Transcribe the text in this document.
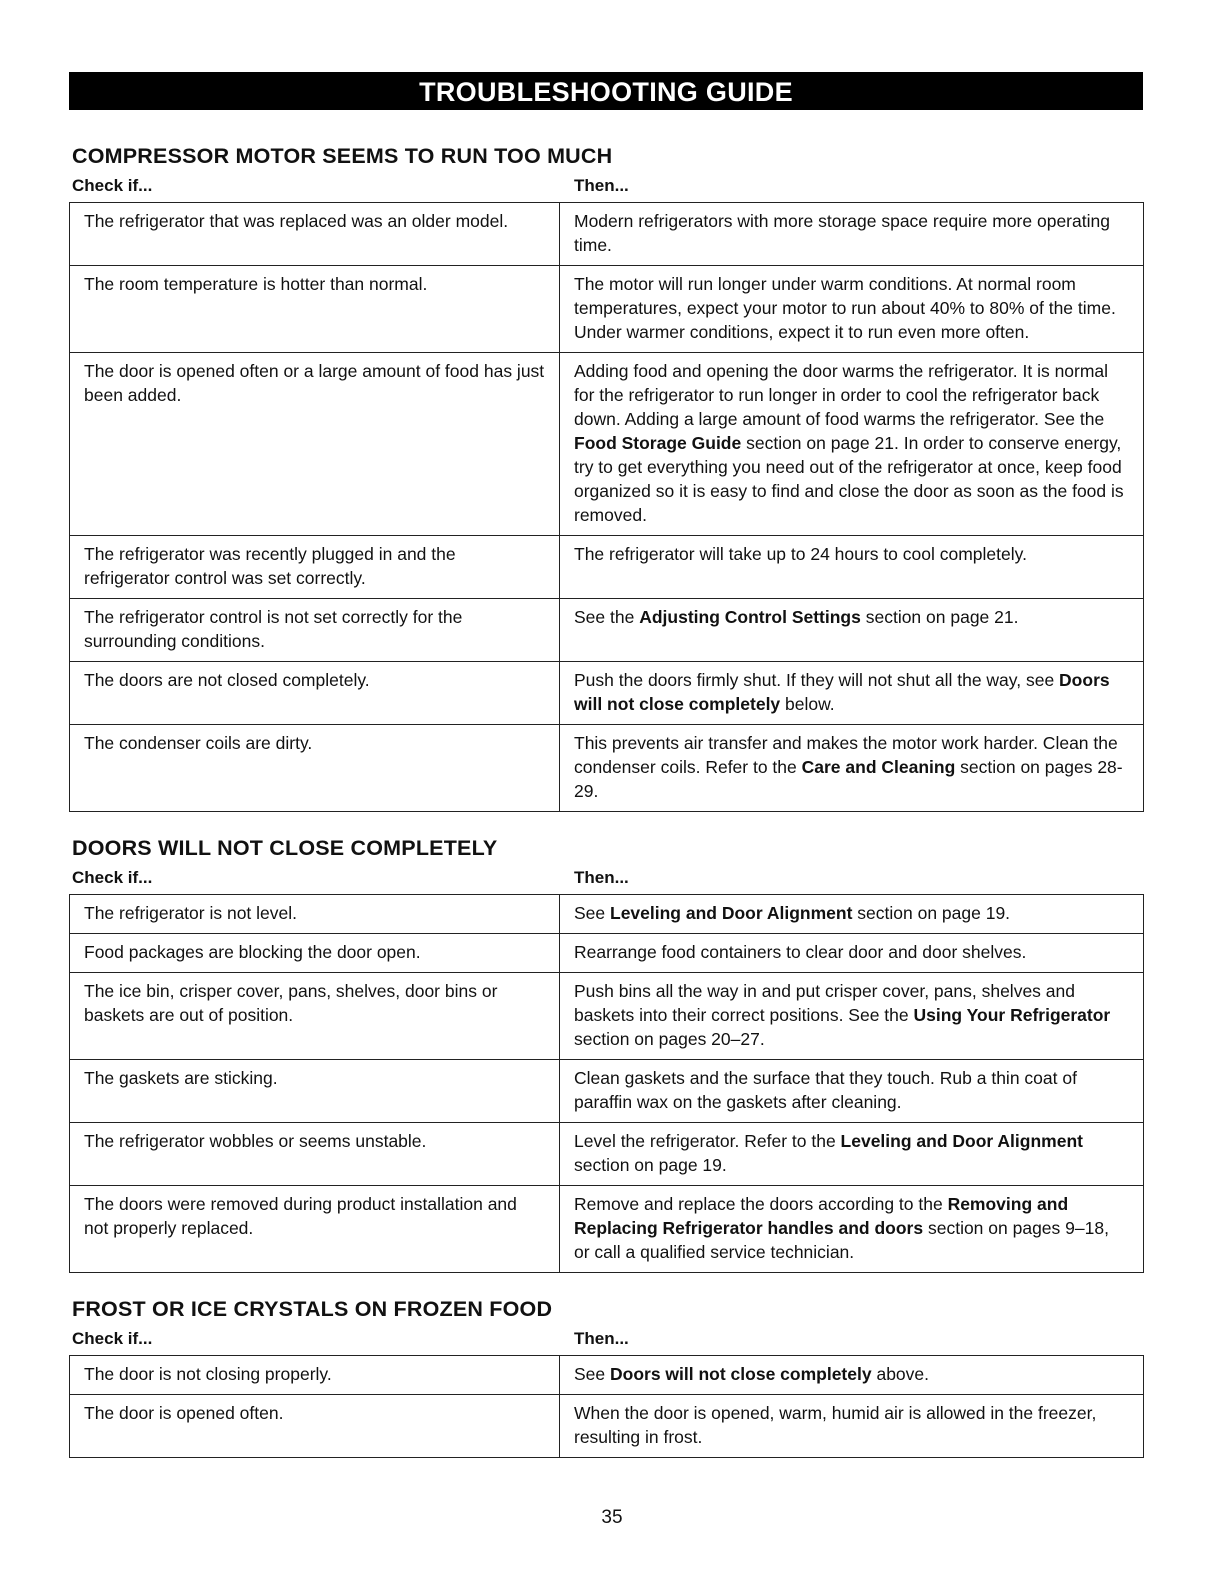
TROUBLESHOOTING GUIDE
COMPRESSOR MOTOR SEEMS TO RUN TOO MUCH
Check if...	Then...
The refrigerator that was replaced was an older model.	Modern refrigerators with more storage space require more operating time.
The room temperature is hotter than normal.	The motor will run longer under warm conditions. At normal room temperatures, expect your motor to run about 40% to 80% of the time. Under warmer conditions, expect it to run even more often.
The door is opened often or a large amount of food has just been added.	Adding food and opening the door warms the refrigerator. It is normal for the refrigerator to run longer in order to cool the refrigerator back down. Adding a large amount of food warms the refrigerator. See the Food Storage Guide section on page 21. In order to conserve energy, try to get everything you need out of the refrigerator at once, keep food organized so it is easy to find and close the door as soon as the food is removed.
The refrigerator was recently plugged in and the refrigerator control was set correctly.	The refrigerator will take up to 24 hours to cool completely.
The refrigerator control is not set correctly for the surrounding conditions.	See the Adjusting Control Settings section on page 21.
The doors are not closed completely.	Push the doors firmly shut. If they will not shut all the way, see Doors will not close completely below.
The condenser coils are dirty.	This prevents air transfer and makes the motor work harder. Clean the condenser coils. Refer to the Care and Cleaning section on pages 28-29.
DOORS WILL NOT CLOSE COMPLETELY
Check if...	Then...
The refrigerator is not level.	See Leveling and Door Alignment section on page 19.
Food packages are blocking the door open.	Rearrange food containers to clear door and door shelves.
The ice bin, crisper cover, pans, shelves, door bins or baskets are out of position.	Push bins all the way in and put crisper cover, pans, shelves and baskets into their correct positions. See the Using Your Refrigerator section on pages 20–27.
The gaskets are sticking.	Clean gaskets and the surface that they touch. Rub a thin coat of paraffin wax on the gaskets after cleaning.
The refrigerator wobbles or seems unstable.	Level the refrigerator. Refer to the Leveling and Door Alignment section on page 19.
The doors were removed during product installation and not properly replaced.	Remove and replace the doors according to the Removing and Replacing Refrigerator handles and doors section on pages 9–18, or call a qualified service technician.
FROST OR ICE CRYSTALS ON FROZEN FOOD
Check if...	Then...
The door is not closing properly.	See Doors will not close completely above.
The door is opened often.	When the door is opened, warm, humid air is allowed in the freezer, resulting in frost.
35
